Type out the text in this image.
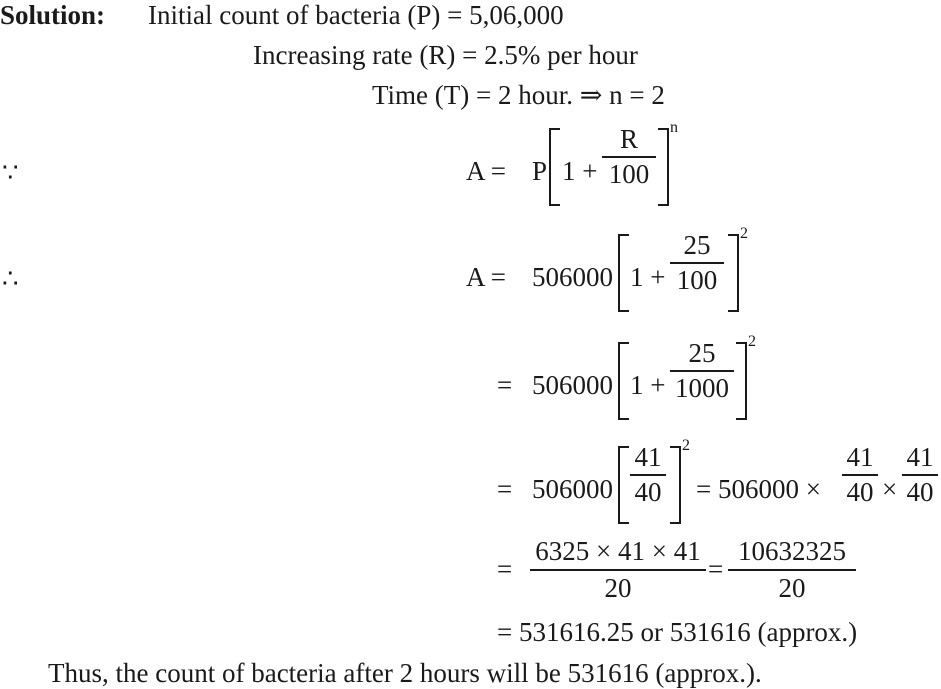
Solution: Initial count of bacteria (P) = 5,06,000
Increasing rate (R) = 2.5% per hour
Time (T) = 2 hour. ⇒ n = 2
∵	A = P 1 +
R
100
n
∴	A = 506000 1 +
25
100
2
= 506000 1 +
25
1000
2
= 506000
41
40
2
= 506000 ×
41
40 ×
41
40
=
6325 × 41 × 41
20
=
10632325
20
= 531616.25 or 531616 (approx.)
Thus, the count of bacteria after 2 hours will be 531616 (approx.).
